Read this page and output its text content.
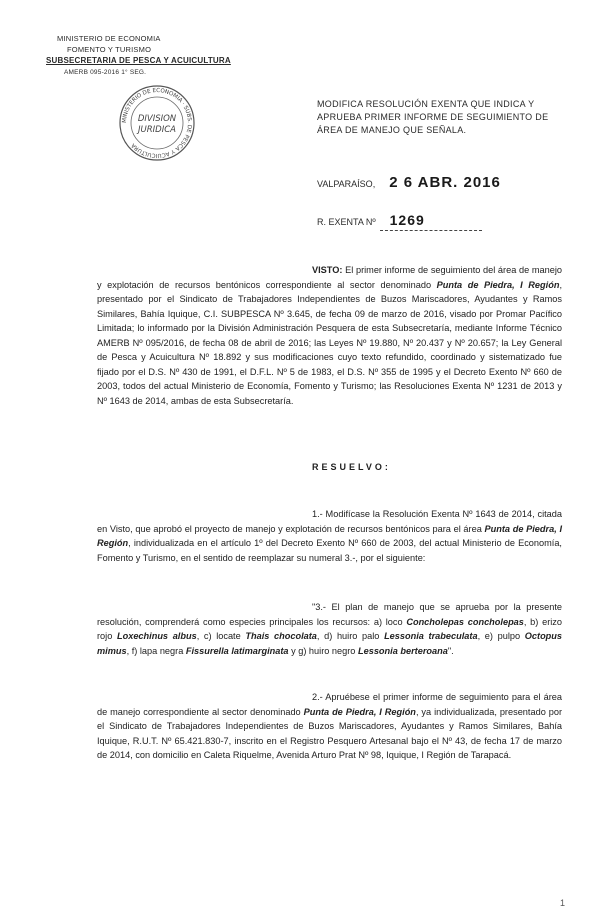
MINISTERIO DE ECONOMIA
FOMENTO Y TURISMO
SUBSECRETARIA DE PESCA Y ACUICULTURA
AMERB 095-2016 1° SEG.
MINISTERIO DE ECONOMIA · SUBS. DE PESCA Y ACUICULTURA
DIVISION
JURIDICA
MODIFICA RESOLUCIÓN EXENTA QUE INDICA Y
APRUEBA PRIMER INFORME DE SEGUIMIENTO DE
ÁREA DE MANEJO QUE SEÑALA.
VALPARAÍSO, 2 6 ABR. 2016
R. EXENTA Nº	1269
VISTO: El primer informe de seguimiento del área de manejo y explotación de recursos bentónicos correspondiente al sector denominado Punta de Piedra, I Región, presentado por el Sindicato de Trabajadores Independientes de Buzos Mariscadores, Ayudantes y Ramos Similares, Bahía Iquique, C.I. SUBPESCA Nº 3.645, de fecha 09 de marzo de 2016, visado por Promar Pacífico Limitada; lo informado por la División Administración Pesquera de esta Subsecretaría, mediante Informe Técnico AMERB Nº 095/2016, de fecha 08 de abril de 2016; las Leyes Nº 19.880, Nº 20.437 y Nº 20.657; la Ley General de Pesca y Acuicultura Nº 18.892 y sus modificaciones cuyo texto refundido, coordinado y sistematizado fue fijado por el D.S. Nº 430 de 1991, el D.F.L. Nº 5 de 1983, el D.S. Nº 355 de 1995 y el Decreto Exento Nº 660 de 2003, todos del actual Ministerio de Economía, Fomento y Turismo; las Resoluciones Exenta Nº 1231 de 2013 y Nº 1643 de 2014, ambas de esta Subsecretaría.
RESUELVO:
1.- Modifícase la Resolución Exenta Nº 1643 de 2014, citada en Visto, que aprobó el proyecto de manejo y explotación de recursos bentónicos para el área Punta de Piedra, I Región, individualizada en el artículo 1º del Decreto Exento Nº 660 de 2003, del actual Ministerio de Economía, Fomento y Turismo, en el sentido de reemplazar su numeral 3.-, por el siguiente:
"3.- El plan de manejo que se aprueba por la presente resolución, comprenderá como especies principales los recursos: a) loco Concholepas concholepas, b) erizo rojo Loxechinus albus, c) locate Thais chocolata, d) huiro palo Lessonia trabeculata, e) pulpo Octopus mimus, f) lapa negra Fissurella latimarginata y g) huiro negro Lessonia berteroana".
2.- Apruébese el primer informe de seguimiento para el área de manejo correspondiente al sector denominado Punta de Piedra, I Región, ya individualizada, presentado por el Sindicato de Trabajadores Independientes de Buzos Mariscadores, Ayudantes y Ramos Similares, Bahía Iquique, R.U.T. Nº 65.421.830-7, inscrito en el Registro Pesquero Artesanal bajo el Nº 43, de fecha 17 de marzo de 2014, con domicilio en Caleta Riquelme, Avenida Arturo Prat Nº 98, Iquique, I Región de Tarapacá.
1
